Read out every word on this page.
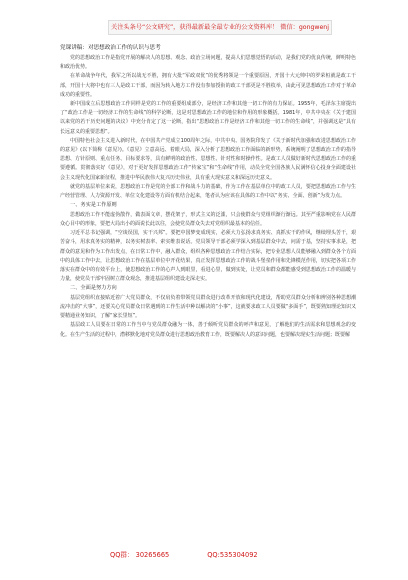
关注头条号“公文研究”，获得最新最全最专业的公文资料库！ 微信：gongwenj

党课讲稿：对思想政治工作的认识与思考

党的思想政治工作是指党开展的解决人的思想、观念、政治立场问题，提高人们思想觉悟的活动，是我们党的优良传统，鲜明特色和政治优势。

在革命战争年代，我军之所以战无不胜，拥有大批“军政双优”的优秀将领是一个重要原因，开国十大元帅中的罗荣桓就是政工干部，开国十大将中也有三人是政工干部，而因为转入地方工作没有参加授衔的政工干部更是不胜枚举，由此可见思想政治工作对于革命成功的重要性。

新中国成立后思想政治工作同样是党的工作的重要组成部分，是经济工作和其他一切工作的有力保证。1955年，毛泽东主席提出了“政治工作是一切经济工作的生命线”的科学论断，这是对思想政治工作的地位和作用的形象概括。1981年，中共中央在《关于建国以来党的若干历史问题的决议》中充分肯定了这一论断，指出“思想政治工作是经济工作和其他一切工作的生命线”，并强调这是“具有长远意义的重要思想”。

中国特色社会主义进入新时代，在中国共产党成立100周年之际，中共中央、国务院印发了《关于新时代加强和改进思想政治工作的意见》(以下简称《意见》)。《意见》立意高远、着眼大局，深入分析了思想政治工作面临的新形势，系统阐明了思想政治工作的指导思想、方针原则、重点任务、目标要求等，具有鲜明的政治性、思想性、针对性和时操作性。是政工人员做好新时代思想政治工作的重要遵循。贯彻落实好《意见》，对于更好发挥思想政治工作“传家宝”和“生命线”作用，动员全党全国各族人民满怀信心投身全面建设社会主义现代化国家新征程，推进中华民族伟大复兴历史伟业，具有重大现实意义和深远历史意义。

就党的基层单位来说，思想政治工作是党的全部工作和战斗力的基础，作为工作在基层单位中的政工人员，要把思想政治工作与生产经营管理、人力资源开发、单位文化建设等方面有机结合起来，笔者认为应该在具体的工作中以“务实、全面、创新”为发力点。

一、务实是工作原则

思想政治工作不能虚伪散作，做表面文章，摆花架子，形式主义的泛滥，只会使群众与党组织渐行渐远。其至严重影响党在人民群众心目中的形象，要把大局出小的面说长此以往，会使党员群众失去对党组织最基本的信任。

习近平总书记强调，“空谈误国，实干兴邦”。要把中国梦变成现实，必须大力弘扬求真务实、真抓实干的作风，继续埋头苦干，艰苦奋斗，用求真务实的精神，以务实树表率、索实维表说话。党员领导干部必须学深入到基层群众中去，问需于基，坚持实事求是，把群众的意见和作为工作出发点，在日常工作中，融入群众，组织各种思想政治工作结合实际，把专业思想人员能够融入到群众各个方面中的具体工作中去，让思想政治工作在基层单位中开花结果，真正发挥思想政治工作的战斗堡垒作用和先锋模范作用，切实把各项工作落实在群众中的有效平台上，使思想政治工作的心声人到眼里，看进心里，做到实处，让党员和群众都能感受到思想政治工作的温暖与力量，使党员干部牢固树立群众观念，推进基层组织建设走深走实。

二、全面是努力方向

基层党组织直接贴近着广大党员群众，不仅肩负着带领党员群众进行改革开放和现代化建设，帮助党员群众分析和辨别各种思想潮流冲击的“大事”，还要关心党员群众日常遇到的工作生活中种以解决的“小事”，这就要求政工人员要做“多面手”，既要熟知理论知识又要精通业务知识，了解“家长里短”。

基层政工人员要在日常的工作当中与党员群众融为一体，善于倾听党员群众的呼声和意见，了解他们的生活需求和思想观念的变化。在生产生活的过程中，潜移默化地对党员群众进行思想政治教育工作，既要解决人的意识问题，也要解决现实生活问题；既要解

QQ群： 30265665	QQ:535304092
